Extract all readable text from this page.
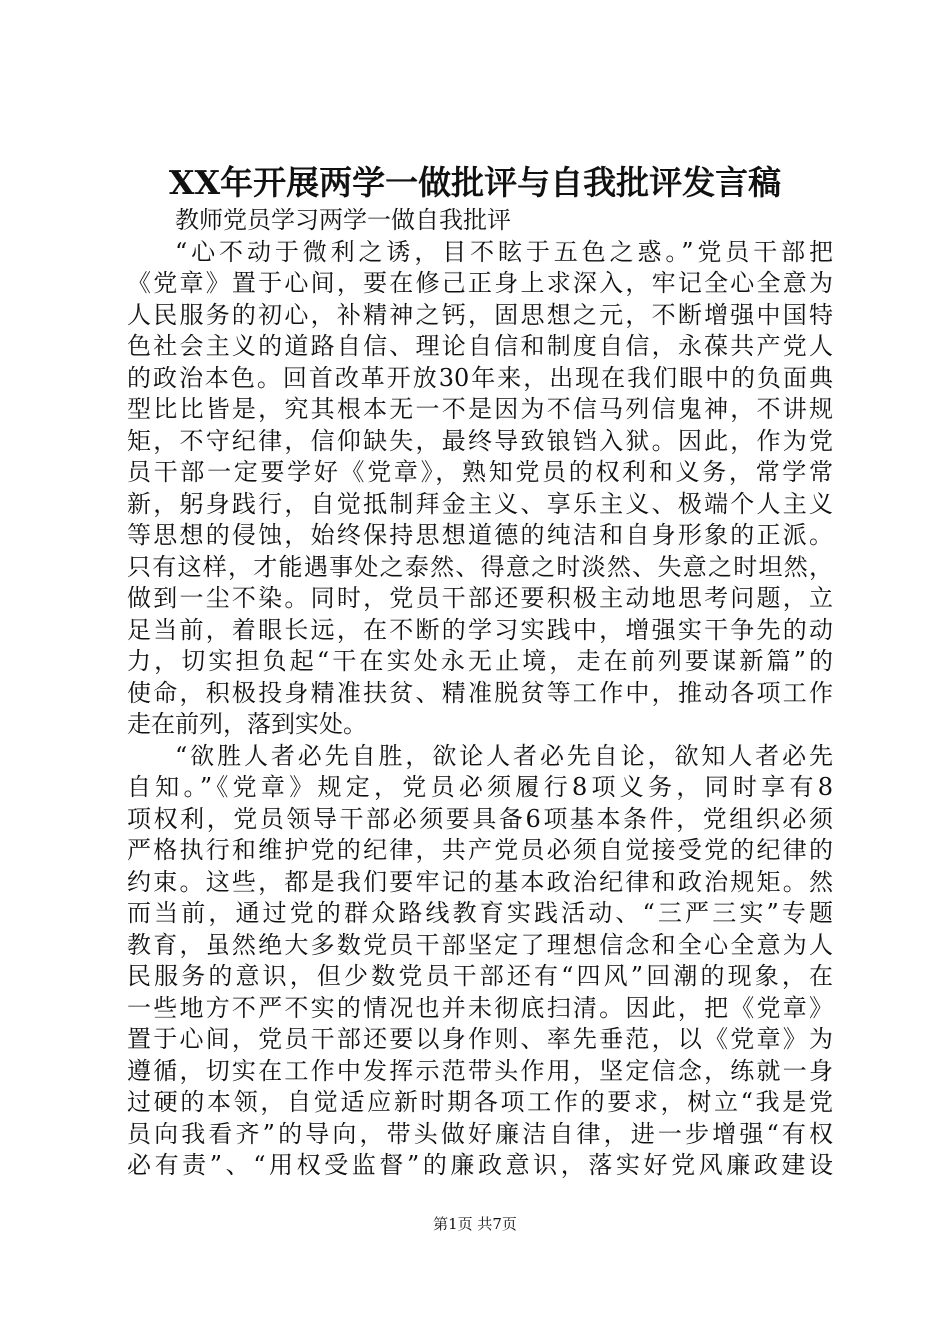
XX年开展两学一做批评与自我批评发言稿
教师党员学习两学一做自我批评
“心不动于微利之诱，目不眩于五色之惑。”党员干部把
《党章》置于心间，要在修己正身上求深入，牢记全心全意为
人民服务的初心，补精神之钙，固思想之元，不断增强中国特
色社会主义的道路自信、理论自信和制度自信，永葆共产党人
的政治本色。回首改革开放30年来，出现在我们眼中的负面典
型比比皆是，究其根本无一不是因为不信马列信鬼神，不讲规
矩，不守纪律，信仰缺失，最终导致锒铛入狱。因此，作为党
员干部一定要学好《党章》，熟知党员的权利和义务，常学常
新，躬身践行，自觉抵制拜金主义、享乐主义、极端个人主义
等思想的侵蚀，始终保持思想道德的纯洁和自身形象的正派。
只有这样，才能遇事处之泰然、得意之时淡然、失意之时坦然，
做到一尘不染。同时，党员干部还要积极主动地思考问题，立
足当前，着眼长远，在不断的学习实践中，增强实干争先的动
力，切实担负起“干在实处永无止境，走在前列要谋新篇”的
使命，积极投身精准扶贫、精准脱贫等工作中，推动各项工作
走在前列，落到实处。
“欲胜人者必先自胜，欲论人者必先自论，欲知人者必先
自知。”《党章》规定，党员必须履行8项义务，同时享有8
项权利，党员领导干部必须要具备6项基本条件，党组织必须
严格执行和维护党的纪律，共产党员必须自觉接受党的纪律的
约束。这些，都是我们要牢记的基本政治纪律和政治规矩。然
而当前，通过党的群众路线教育实践活动、“三严三实”专题
教育，虽然绝大多数党员干部坚定了理想信念和全心全意为人
民服务的意识，但少数党员干部还有“四风”回潮的现象，在
一些地方不严不实的情况也并未彻底扫清。因此，把《党章》
置于心间，党员干部还要以身作则、率先垂范，以《党章》为
遵循，切实在工作中发挥示范带头作用，坚定信念，练就一身
过硬的本领，自觉适应新时期各项工作的要求，树立“我是党
员向我看齐”的导向，带头做好廉洁自律，进一步增强“有权
必有责”、“用权受监督”的廉政意识，落实好党风廉政建设
第1页 共7页
